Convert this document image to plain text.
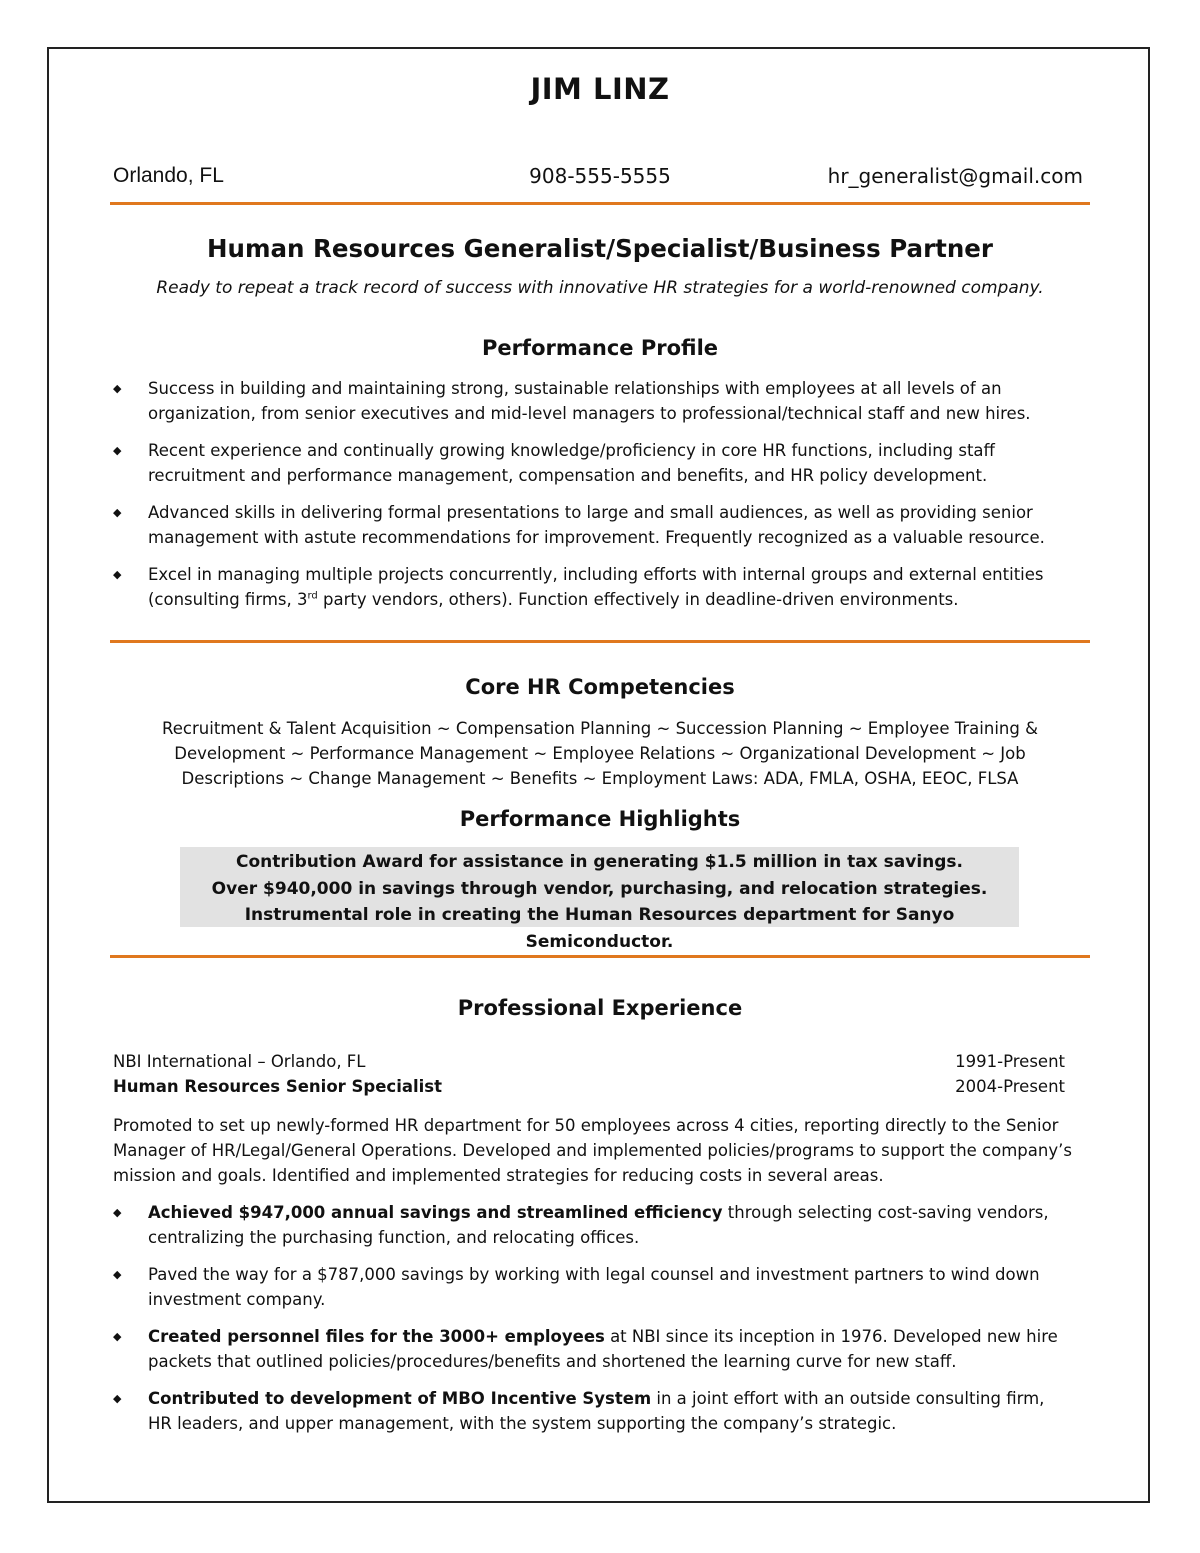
JIM LINZ

Orlando, FL	908-555-5555	hr_generalist@gmail.com

Human Resources Generalist/Specialist/Business Partner

Ready to repeat a track record of success with innovative HR strategies for a world-renowned company.

Performance Profile
◆ Success in building and maintaining strong, sustainable relationships with employees at all levels of an organization, from senior executives and mid-level managers to professional/technical staff and new hires.
◆ Recent experience and continually growing knowledge/proficiency in core HR functions, including staff recruitment and performance management, compensation and benefits, and HR policy development.
◆ Advanced skills in delivering formal presentations to large and small audiences, as well as providing senior management with astute recommendations for improvement. Frequently recognized as a valuable resource.
◆ Excel in managing multiple projects concurrently, including efforts with internal groups and external entities (consulting firms, 3rd party vendors, others). Function effectively in deadline-driven environments.
Core HR Competencies

Recruitment & Talent Acquisition ~ Compensation Planning ~ Succession Planning ~ Employee Training & Development ~ Performance Management ~ Employee Relations ~ Organizational Development ~ Job Descriptions ~ Change Management ~ Benefits ~ Employment Laws: ADA, FMLA, OSHA, EEOC, FLSA

Performance Highlights

Contribution Award for assistance in generating $1.5 million in tax savings.

Over $940,000 in savings through vendor, purchasing, and relocation strategies.

Instrumental role in creating the Human Resources department for Sanyo Semiconductor.

Professional Experience

NBI International – Orlando, FL	1991-Present

Human Resources Senior Specialist	2004-Present

Promoted to set up newly-formed HR department for 50 employees across 4 cities, reporting directly to the Senior Manager of HR/Legal/General Operations. Developed and implemented policies/programs to support the company’s mission and goals. Identified and implemented strategies for reducing costs in several areas.

◆ Achieved $947,000 annual savings and streamlined efficiency through selecting cost-saving vendors, centralizing the purchasing function, and relocating offices.
◆ Paved the way for a $787,000 savings by working with legal counsel and investment partners to wind down investment company.
◆ Created personnel files for the 3000+ employees at NBI since its inception in 1976. Developed new hire packets that outlined policies/procedures/benefits and shortened the learning curve for new staff.
◆ Contributed to development of MBO Incentive System in a joint effort with an outside consulting firm, HR leaders, and upper management, with the system supporting the company’s strategic.
